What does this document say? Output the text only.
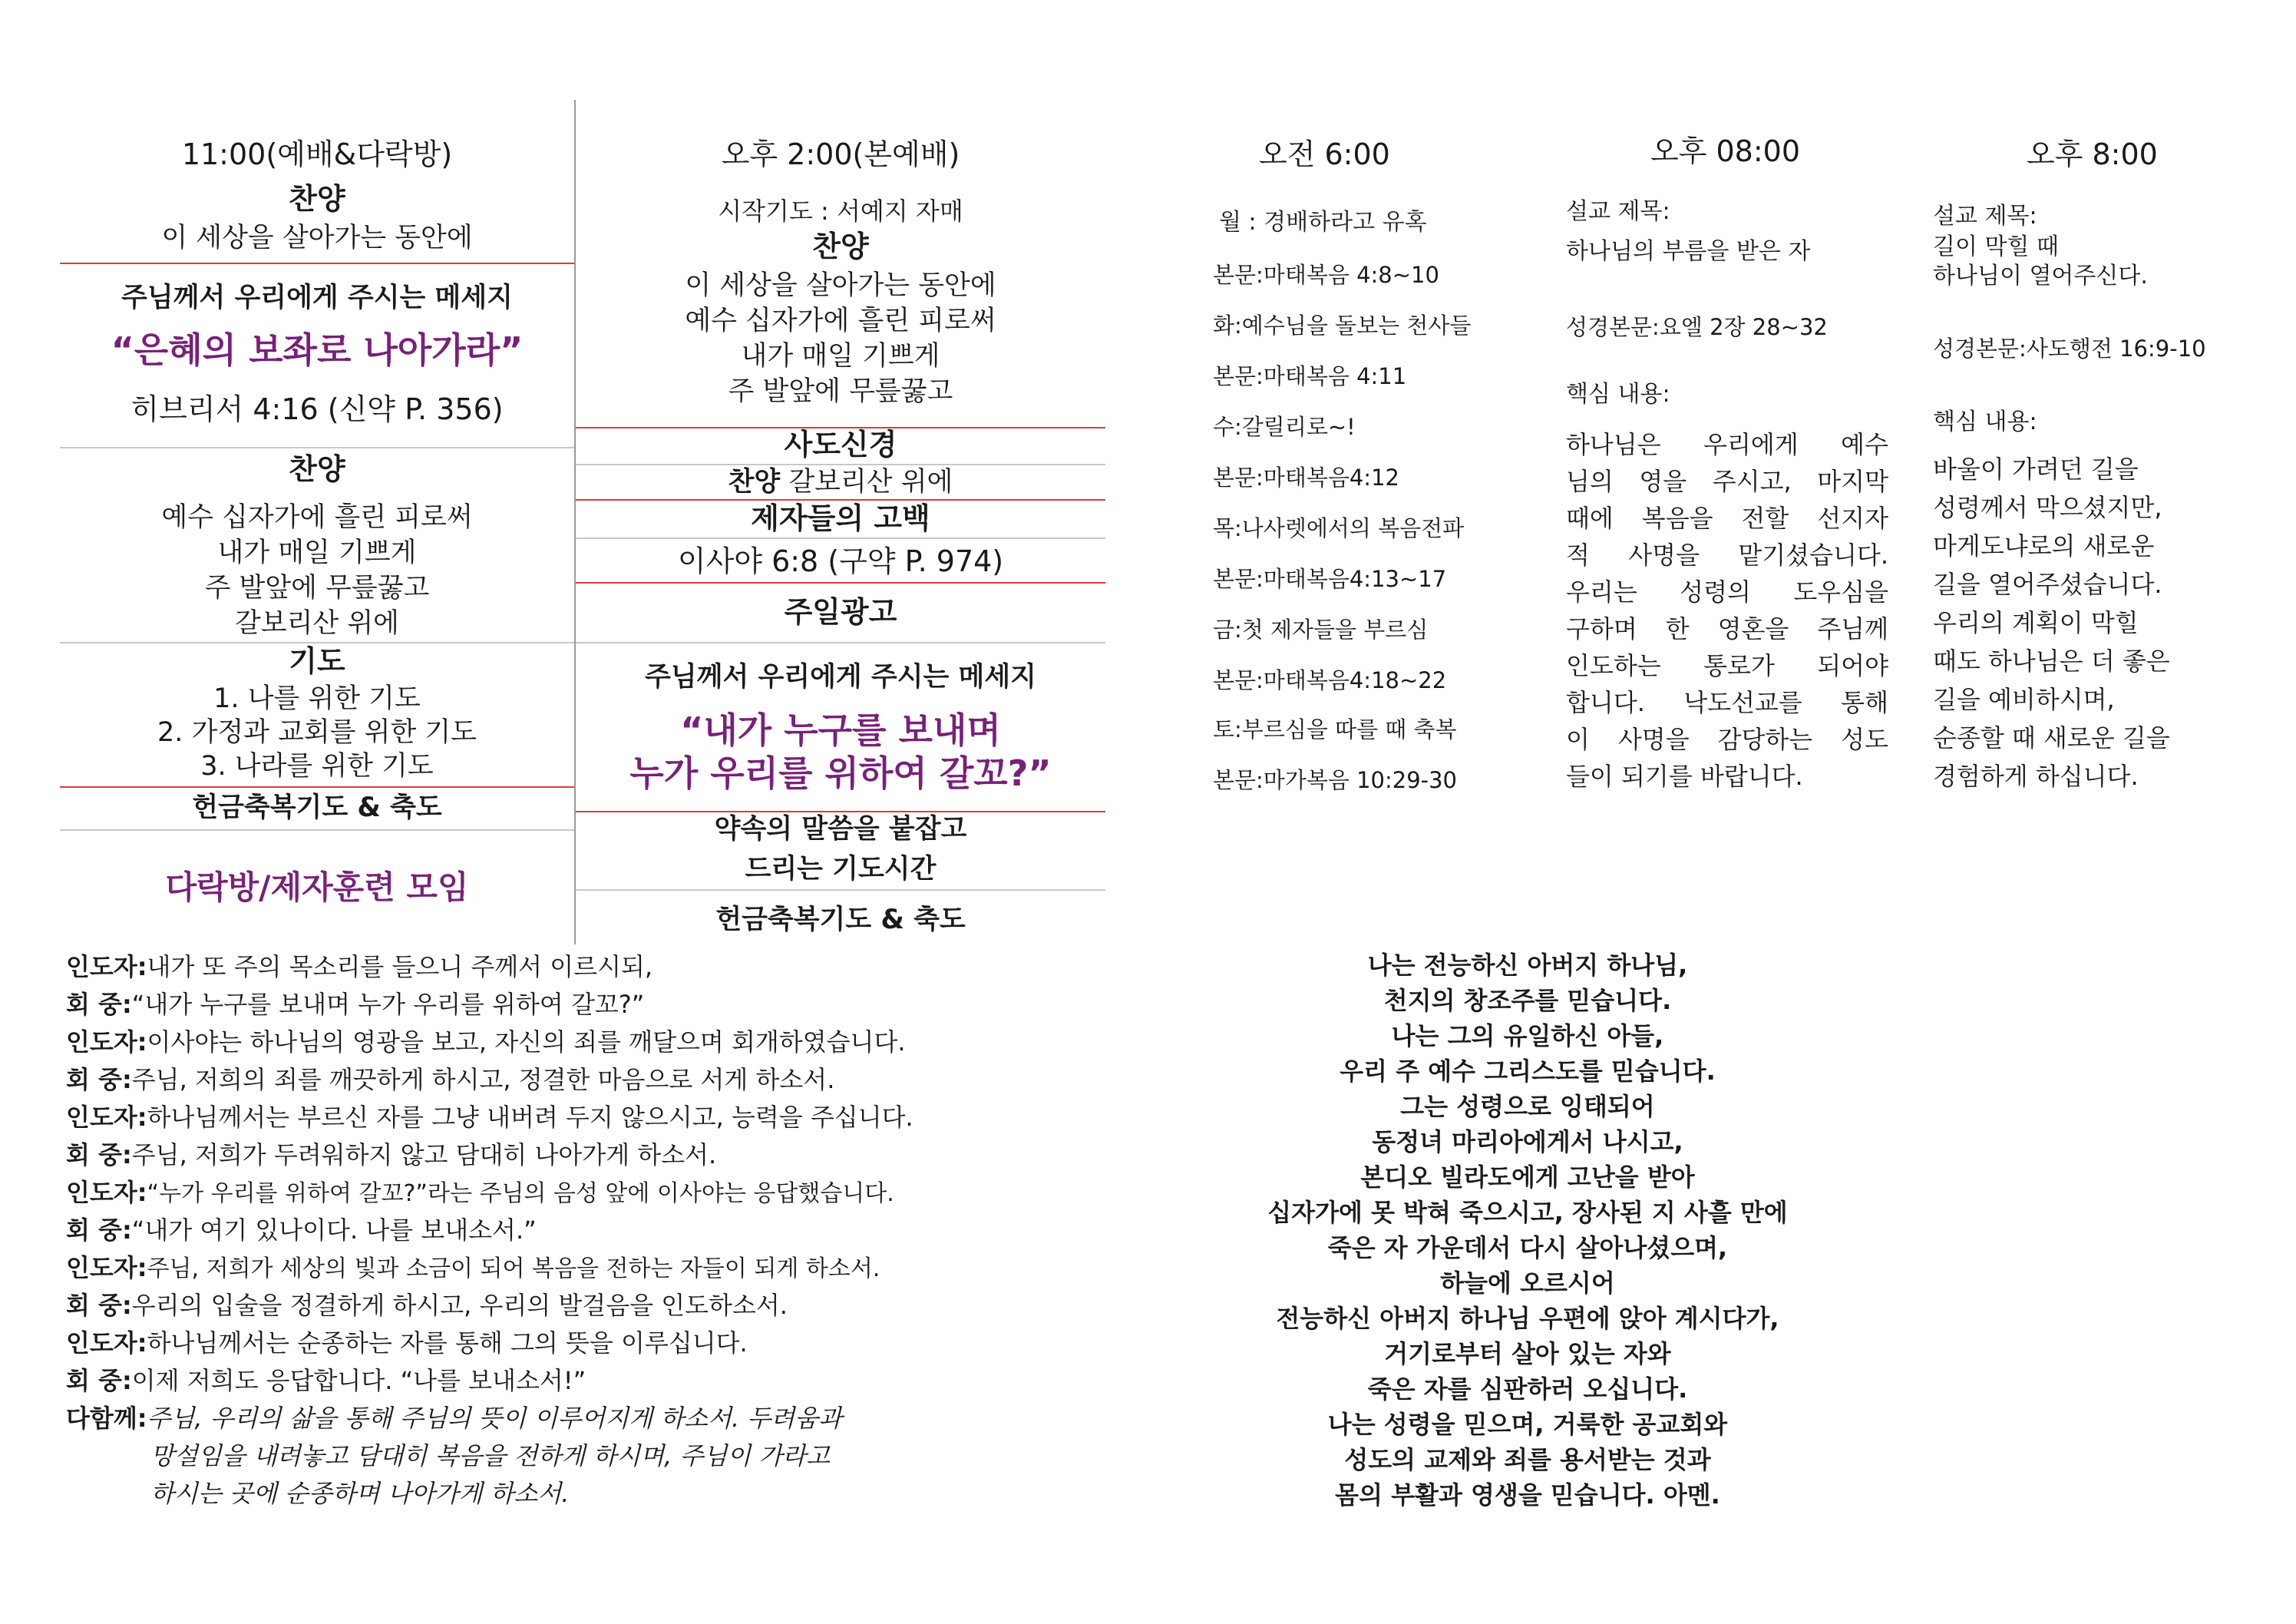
11:00(예배&다락방)
찬양
이 세상을 살아가는 동안에
주님께서 우리에게 주시는 메세지
“은혜의 보좌로 나아가라”
히브리서 4:16 (신약 P. 356)
찬양
예수 십자가에 흘린 피로써
내가 매일 기쁘게
주 발앞에 무릎꿇고
갈보리산 위에
기도
1. 나를 위한 기도
2. 가정과 교회를 위한 기도
3. 나라를 위한 기도
헌금축복기도 & 축도
다락방/제자훈련 모임
오후 2:00(본예배)
시작기도 : 서예지 자매
찬양
이 세상을 살아가는 동안에
예수 십자가에 흘린 피로써
내가 매일 기쁘게
주 발앞에 무릎꿇고
사도신경
찬양 갈보리산 위에
제자들의 고백
이사야 6:8 (구약 P. 974)
주일광고
주님께서 우리에게 주시는 메세지
“내가 누구를 보내며
누가 우리를 위하여 갈꼬?”
약속의 말씀을 붙잡고
드리는 기도시간
헌금축복기도 & 축도
오전 6:00
월 : 경배하라고 유혹
본문:마태복음 4:8~10
화:예수님을 돌보는 천사들
본문:마태복음 4:11
수:갈릴리로~!
본문:마태복음4:12
목:나사렛에서의 복음전파
본문:마태복음4:13~17
금:첫 제자들을 부르심
본문:마태복음4:18~22
토:부르심을 따를 때 축복
본문:마가복음 10:29-30
오후 08:00
설교 제목:
하나님의 부름을 받은 자
성경본문:요엘 2장 28~32
핵심 내용:
하나님은 우리에게 예수
님의 영을 주시고, 마지막
때에 복음을 전할 선지자
적 사명을 맡기셨습니다.
우리는 성령의 도우심을
구하며 한 영혼을 주님께
인도하는 통로가 되어야
합니다. 낙도선교를 통해
이 사명을 감당하는 성도
들이 되기를 바랍니다.
오후 8:00
설교 제목:
길이 막힐 때
하나님이 열어주신다.
성경본문:사도행전 16:9-10
핵심 내용:
바울이 가려던 길을
성령께서 막으셨지만,
마게도냐로의 새로운
길을 열어주셨습니다.
우리의 계획이 막힐
때도 하나님은 더 좋은
길을 예비하시며,
순종할 때 새로운 길을
경험하게 하십니다.
인도자:내가 또 주의 목소리를 들으니 주께서 이르시되,
회 중:“내가 누구를 보내며 누가 우리를 위하여 갈꼬?”
인도자:이사야는 하나님의 영광을 보고, 자신의 죄를 깨달으며 회개하였습니다.
회 중:주님, 저희의 죄를 깨끗하게 하시고, 정결한 마음으로 서게 하소서.
인도자:하나님께서는 부르신 자를 그냥 내버려 두지 않으시고, 능력을 주십니다.
회 중:주님, 저희가 두려워하지 않고 담대히 나아가게 하소서.
인도자:“누가 우리를 위하여 갈꼬?”라는 주님의 음성 앞에 이사야는 응답했습니다.
회 중:“내가 여기 있나이다. 나를 보내소서.”
인도자:주님, 저희가 세상의 빛과 소금이 되어 복음을 전하는 자들이 되게 하소서.
회 중:우리의 입술을 정결하게 하시고, 우리의 발걸음을 인도하소서.
인도자:하나님께서는 순종하는 자를 통해 그의 뜻을 이루십니다.
회 중:이제 저희도 응답합니다. “나를 보내소서!”
다함께:주님, 우리의 삶을 통해 주님의 뜻이 이루어지게 하소서. 두려움과
망설임을 내려놓고 담대히 복음을 전하게 하시며, 주님이 가라고
하시는 곳에 순종하며 나아가게 하소서.
나는 전능하신 아버지 하나님,
천지의 창조주를 믿습니다.
나는 그의 유일하신 아들,
우리 주 예수 그리스도를 믿습니다.
그는 성령으로 잉태되어
동정녀 마리아에게서 나시고,
본디오 빌라도에게 고난을 받아
십자가에 못 박혀 죽으시고, 장사된 지 사흘 만에
죽은 자 가운데서 다시 살아나셨으며,
하늘에 오르시어
전능하신 아버지 하나님 우편에 앉아 계시다가,
거기로부터 살아 있는 자와
죽은 자를 심판하러 오십니다.
나는 성령을 믿으며, 거룩한 공교회와
성도의 교제와 죄를 용서받는 것과
몸의 부활과 영생을 믿습니다. 아멘.
